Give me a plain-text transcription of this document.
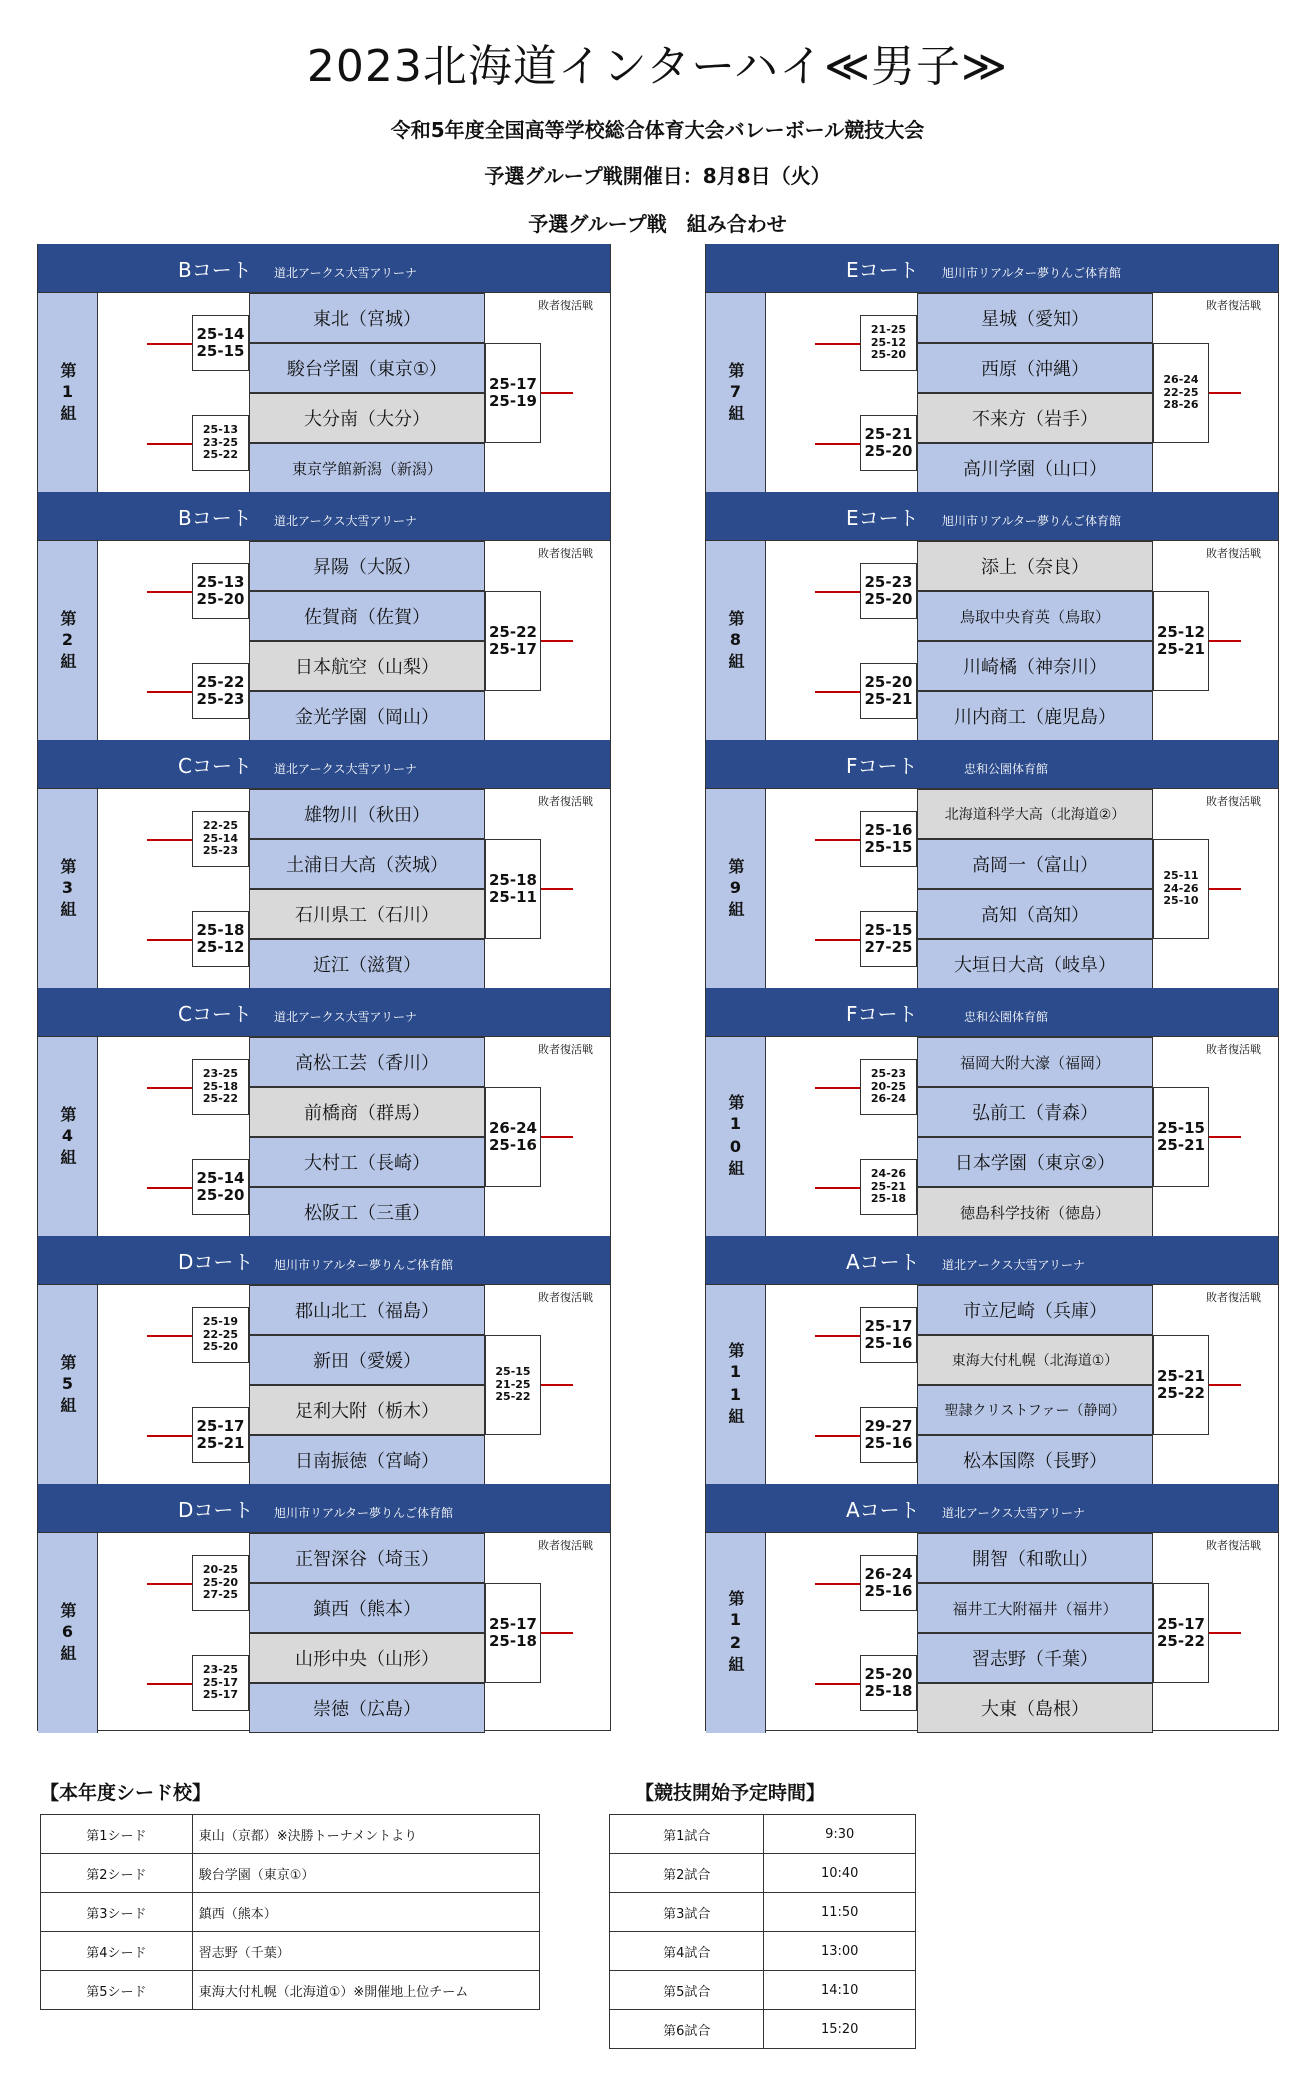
2023北海道インターハイ≪男子≫
令和5年度全国高等学校総合体育大会バレーボール競技大会
予選グループ戦開催日：8月8日（火）
予選グループ戦　組み合わせ
Bコート 道北アークス大雪アリーナ
第1組
東北（宮城）
駿台学園（東京①）
大分南（大分）
東京学館新潟（新潟）
敗者復活戦
25-14
25-15
25-13
23-25
25-22
25-17
25-19
Bコート 道北アークス大雪アリーナ
第2組
昇陽（大阪）
佐賀商（佐賀）
日本航空（山梨）
金光学園（岡山）
敗者復活戦
25-13
25-20
25-22
25-23
25-22
25-17
Cコート 道北アークス大雪アリーナ
第3組
雄物川（秋田）
土浦日大高（茨城）
石川県工（石川）
近江（滋賀）
敗者復活戦
22-25
25-14
25-23
25-18
25-12
25-18
25-11
Cコート 道北アークス大雪アリーナ
第4組
高松工芸（香川）
前橋商（群馬）
大村工（長崎）
松阪工（三重）
敗者復活戦
23-25
25-18
25-22
25-14
25-20
26-24
25-16
Dコート 旭川市リアルター夢りんご体育館
第5組
郡山北工（福島）
新田（愛媛）
足利大附（栃木）
日南振徳（宮崎）
敗者復活戦
25-19
22-25
25-20
25-17
25-21
25-15
21-25
25-22
Dコート 旭川市リアルター夢りんご体育館
第6組
正智深谷（埼玉）
鎮西（熊本）
山形中央（山形）
崇徳（広島）
敗者復活戦
20-25
25-20
27-25
23-25
25-17
25-17
25-17
25-18
Eコート 旭川市リアルター夢りんご体育館
第7組
星城（愛知）
西原（沖縄）
不来方（岩手）
高川学園（山口）
敗者復活戦
21-25
25-12
25-20
25-21
25-20
26-24
22-25
28-26
Eコート 旭川市リアルター夢りんご体育館
第8組
添上（奈良）
鳥取中央育英（鳥取）
川崎橘（神奈川）
川内商工（鹿児島）
敗者復活戦
25-23
25-20
25-20
25-21
25-12
25-21
Fコート	忠和公園体育館
第9組
北海道科学大高（北海道②）
高岡一（富山）
高知（高知）
大垣日大高（岐阜）
敗者復活戦
25-16
25-15
25-15
27-25
25-11
24-26
25-10
Fコート	忠和公園体育館
第10組
福岡大附大濠（福岡）
弘前工（青森）
日本学園（東京②）
徳島科学技術（徳島）
敗者復活戦
25-23
20-25
26-24
24-26
25-21
25-18
25-15
25-21
Aコート 道北アークス大雪アリーナ
第11組
市立尼崎（兵庫）
東海大付札幌（北海道①）
聖隷クリストファー（静岡）
松本国際（長野）
敗者復活戦
25-17
25-16
29-27
25-16
25-21
25-22
Aコート 道北アークス大雪アリーナ
第12組
開智（和歌山）
福井工大附福井（福井）
習志野（千葉）
大東（島根）
敗者復活戦
26-24
25-16
25-20
25-18
25-17
25-22
【本年度シード校】
第1シード	東山（京都）※決勝トーナメントより
第2シード	駿台学園（東京①）
第3シード	鎮西（熊本）
第4シード	習志野（千葉）
第5シード	東海大付札幌（北海道①）※開催地上位チーム
【競技開始予定時間】
第1試合	9:30
第2試合	10:40
第3試合	11:50
第4試合	13:00
第5試合	14:10
第6試合	15:20
